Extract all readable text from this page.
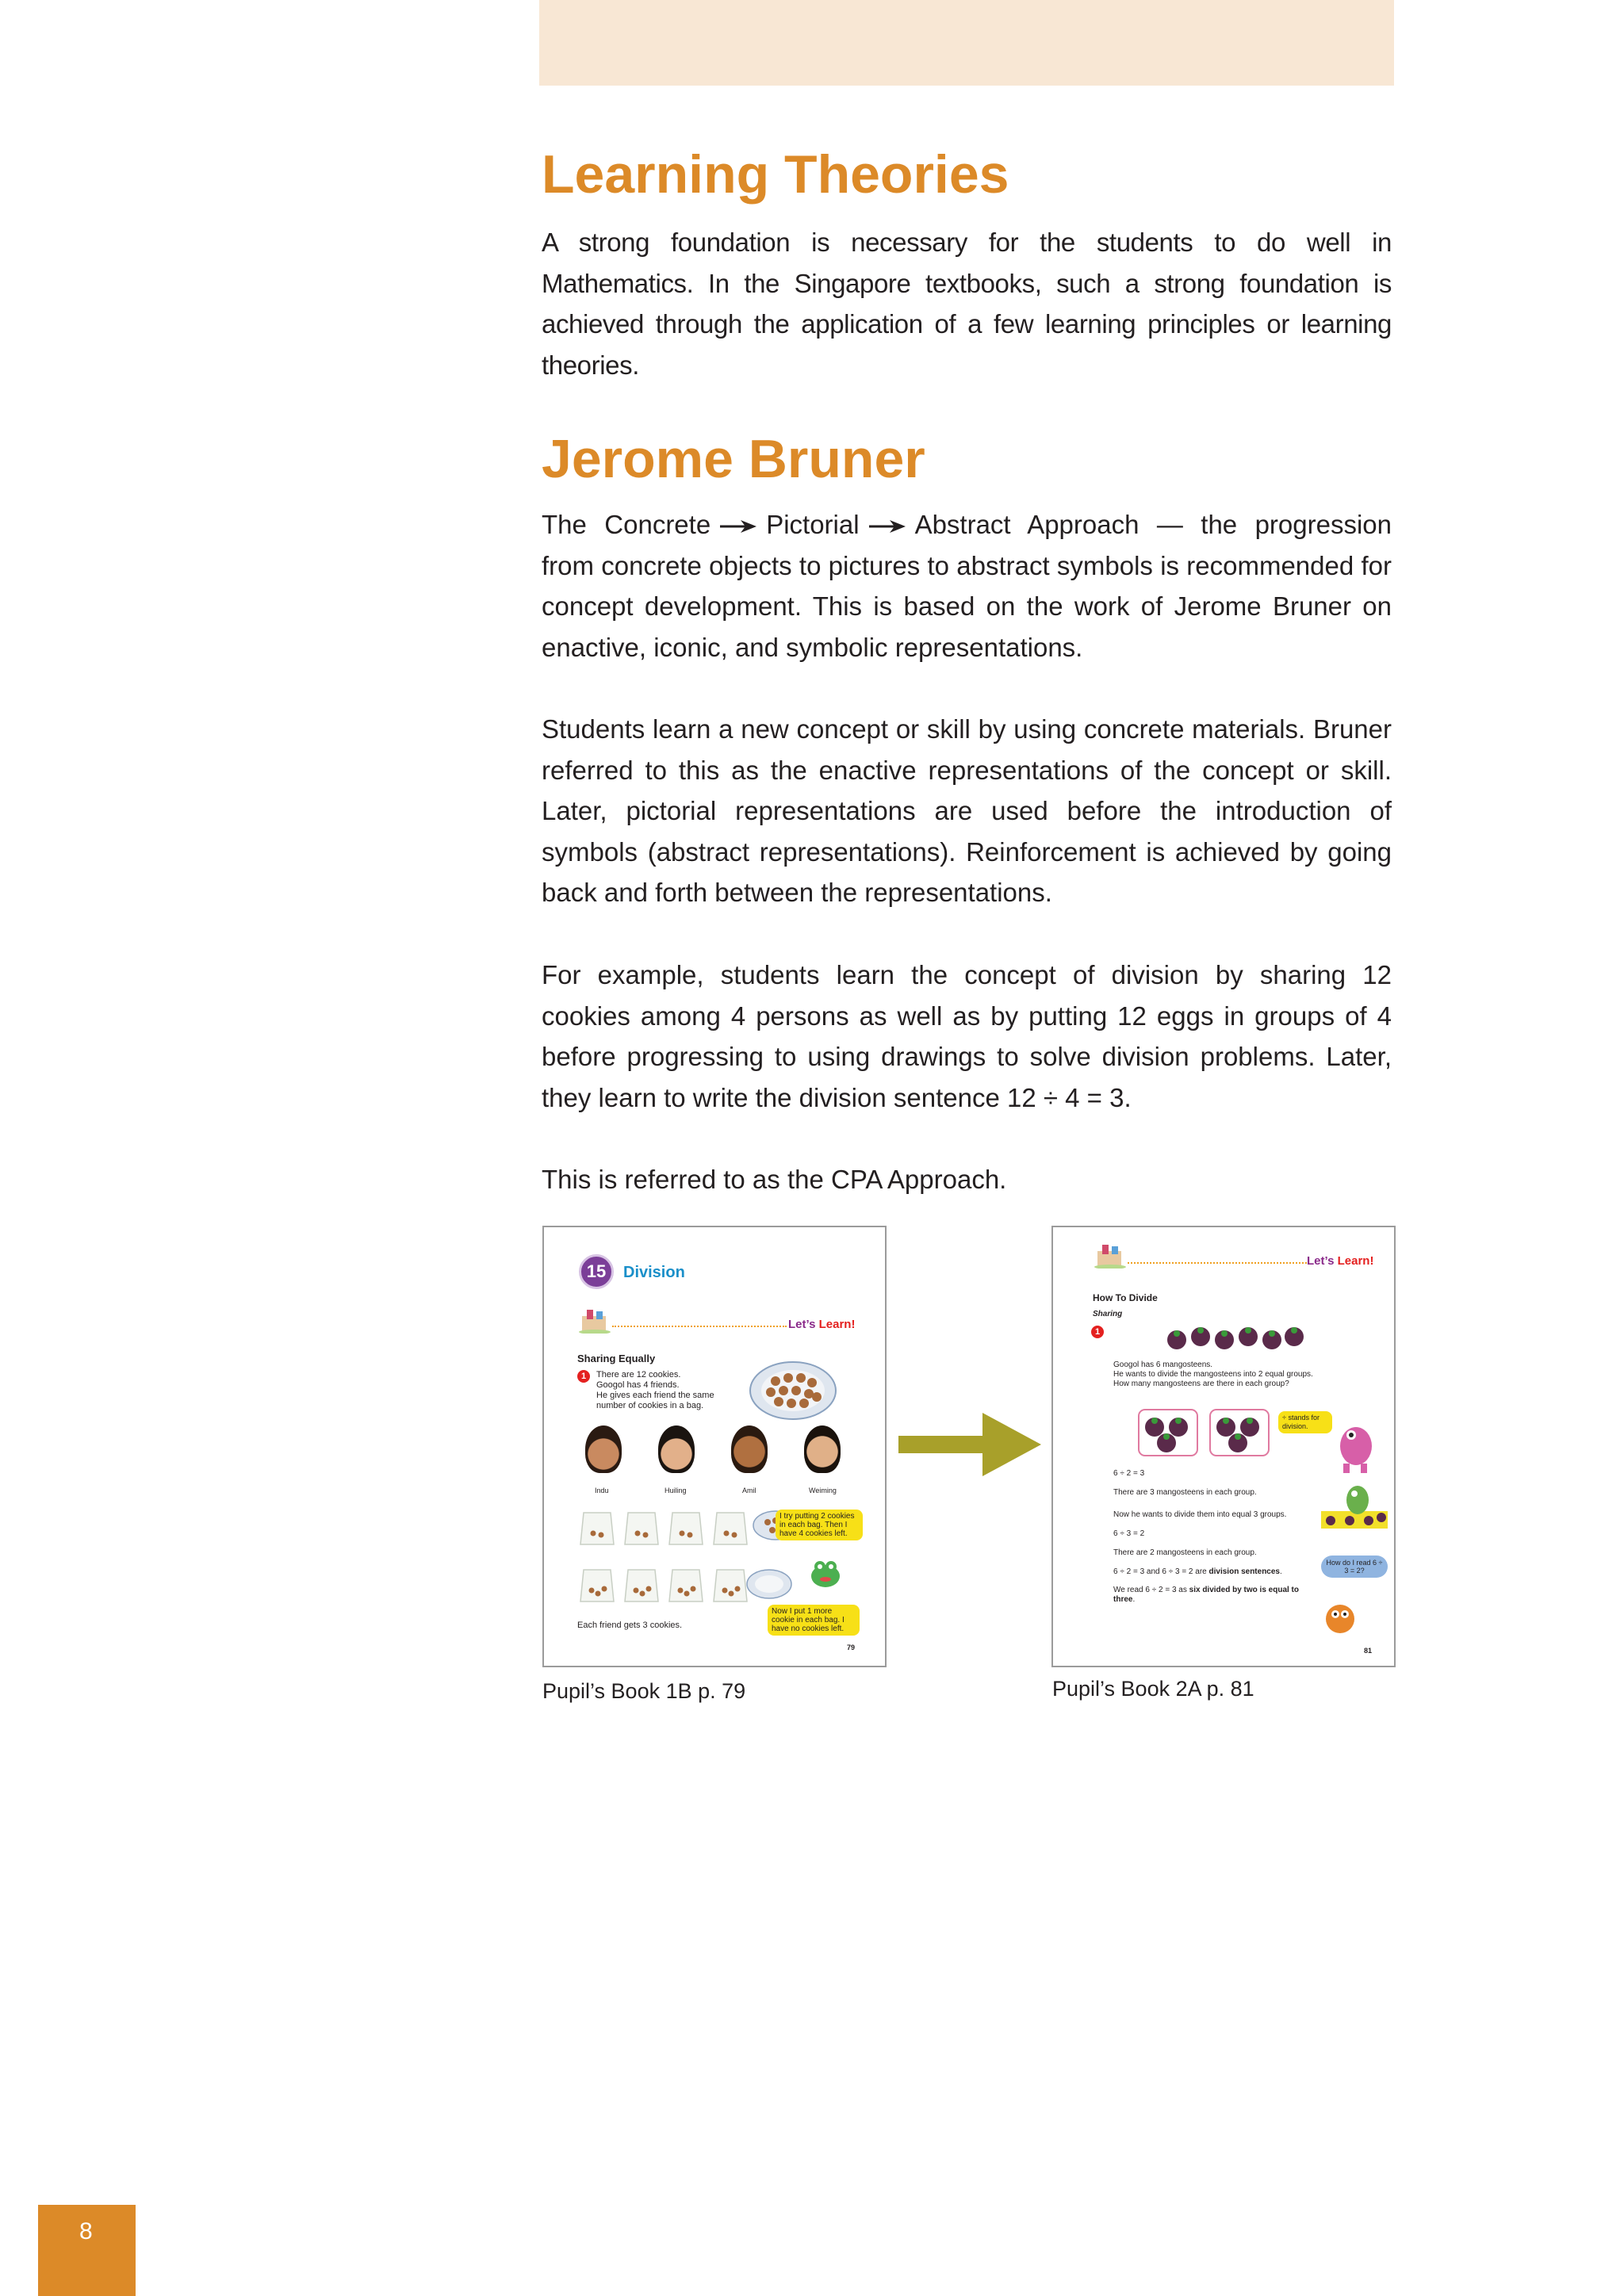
Learning Theories

A strong foundation is necessary for the students to do well in Mathematics. In the Singapore textbooks, such a strong foundation is achieved through the application of a few learning principles or learning theories.

Jerome Bruner

The Concrete Pictorial Abstract Approach — the progression from concrete objects to pictures to abstract symbols is recommended for concept development. This is based on the work of Jerome Bruner on enactive, iconic, and symbolic representations.

Students learn a new concept or skill by using concrete materials. Bruner referred to this as the enactive representations of the concept or skill. Later, pictorial representations are used before the introduction of symbols (abstract representations). Reinforcement is achieved by going back and forth between the representations.

For example, students learn the concept of division by sharing 12 cookies among 4 persons as well as by putting 12 eggs in groups of 4 before progressing to using drawings to solve division problems. Later, they learn to write the division sentence 12 ÷ 4 = 3.

This is referred to as the CPA Approach.

15	Division
Let’s Learn!
Sharing Equally
1	There are 12 cookies.
Googol has 4 friends.
He gives each friend the same
number of cookies in a bag.
Indu	Huiling	Amil	Weiming
I try putting 2 cookies in each bag. Then I have 4 cookies left.
Now I put 1 more cookie in each bag. I have no cookies left.
Each friend gets 3 cookies.
79
Let’s Learn!
How To Divide
Sharing
1
Googol has 6 mangosteens.
He wants to divide the mangosteens into 2 equal groups.
How many mangosteens are there in each group?
÷ stands for division.
6 ÷ 2 = 3
There are 3 mangosteens in each group.
Now he wants to divide them into equal 3 groups.
6 ÷ 3 = 2
There are 2 mangosteens in each group.
6 ÷ 2 = 3 and 6 ÷ 3 = 2 are division sentences.
How do I read 6 ÷ 3 = 2?
We read 6 ÷ 2 = 3 as six divided by two is equal to three.
81

Pupil’s Book 1B p. 79	Pupil’s Book 2A p. 81

8
